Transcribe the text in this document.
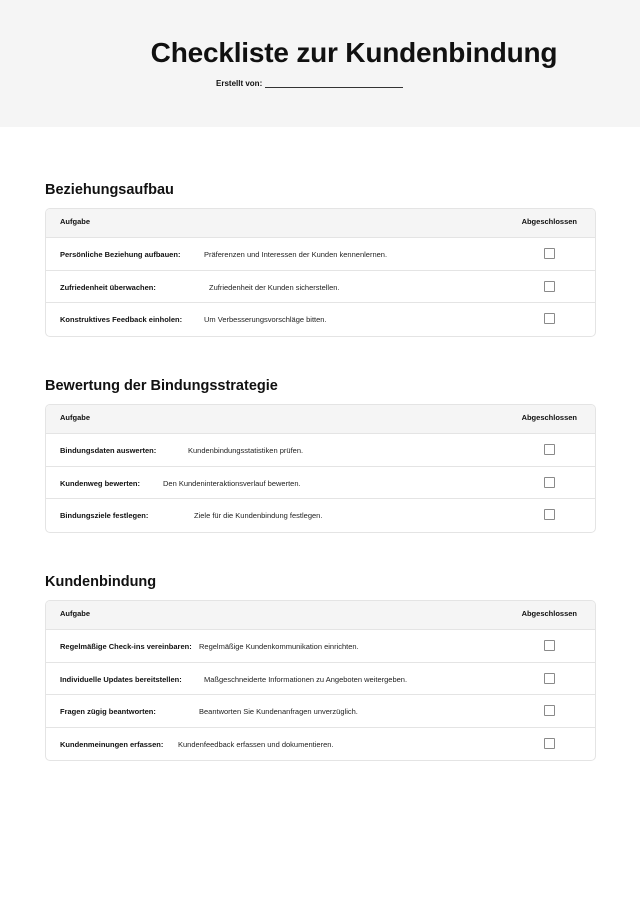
Checkliste zur Kundenbindung
Erstellt von:
Beziehungsaufbau
Aufgabe	Abgeschlossen
Persönliche Beziehung aufbauen:	Präferenzen und Interessen der Kunden kennenlernen.
Zufriedenheit überwachen:	Zufriedenheit der Kunden sicherstellen.
Konstruktives Feedback einholen:	Um Verbesserungsvorschläge bitten.
Bewertung der Bindungsstrategie
Aufgabe	Abgeschlossen
Bindungsdaten auswerten:	Kundenbindungsstatistiken prüfen.
Kundenweg bewerten:	Den Kundeninteraktionsverlauf bewerten.
Bindungsziele festlegen:	Ziele für die Kundenbindung festlegen.
Kundenbindung
Aufgabe	Abgeschlossen
Regelmäßige Check-ins vereinbaren: Regelmäßige Kundenkommunikation einrichten.
Individuelle Updates bereitstellen:	Maßgeschneiderte Informationen zu Angeboten weitergeben.
Fragen zügig beantworten:	Beantworten Sie Kundenanfragen unverzüglich.
Kundenmeinungen erfassen: Kundenfeedback erfassen und dokumentieren.
